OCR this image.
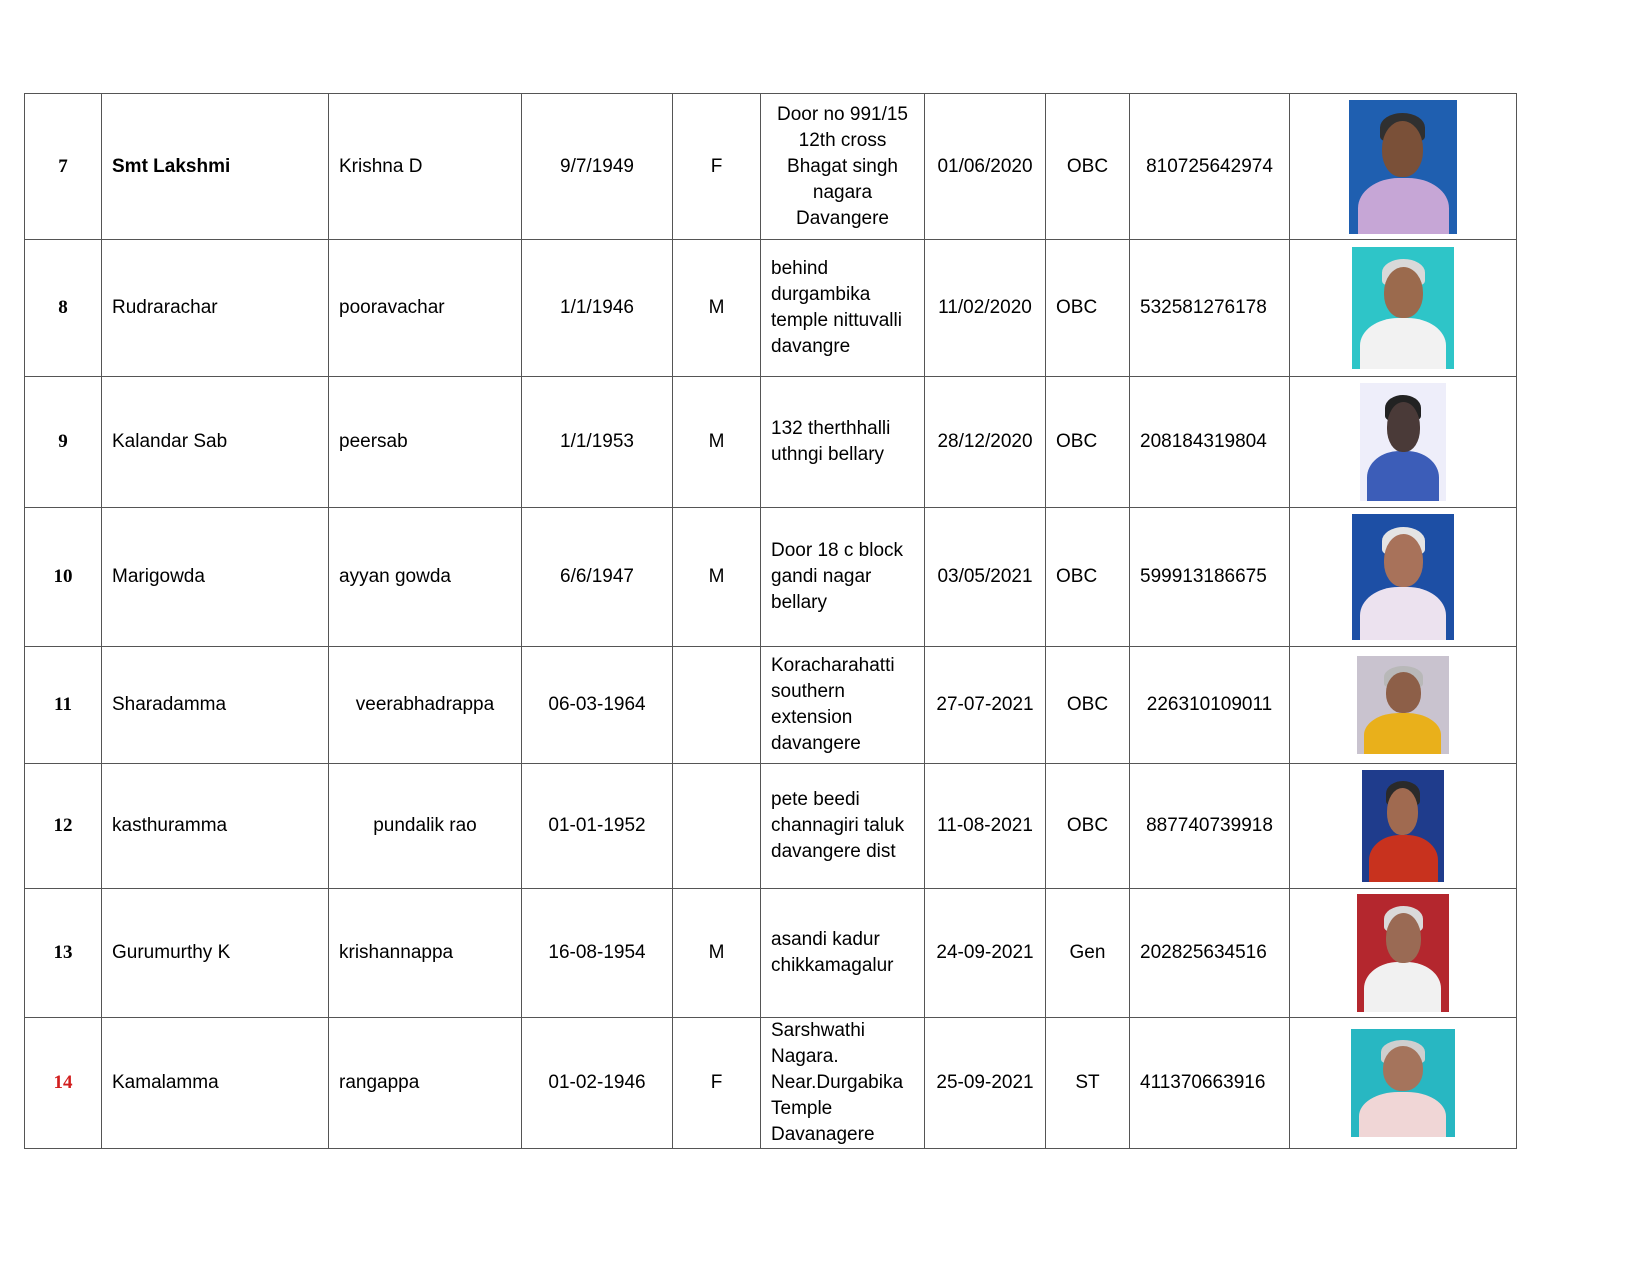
7	Smt Lakshmi	Krishna D	9/7/1949	F	Door no 991/15
12th cross
Bhagat singh
nagara
Davangere	01/06/2020	OBC	810725642974	

8	Rudrarachar	pooravachar	1/1/1946	M	behind
durgambika
temple nittuvalli
davangre	11/02/2020	OBC	532581276178	

9	Kalandar Sab	peersab	1/1/1953	M	132 therthhalli
uthngi bellary	28/12/2020	OBC	208184319804	

10	Marigowda	ayyan gowda	6/6/1947	M	Door 18 c block
gandi nagar
bellary	03/05/2021	OBC	599913186675	

11	Sharadamma	veerabhadrappa	06-03-1964		Koracharahatti
southern
extension
davangere	27-07-2021	OBC	226310109011	

12	kasthuramma	pundalik rao	01-01-1952		pete beedi
channagiri taluk
davangere dist	11-08-2021	OBC	887740739918	

13	Gurumurthy K	krishannappa	16-08-1954	M	asandi kadur
chikkamagalur	24-09-2021	Gen	202825634516	

14	Kamalamma	rangappa	01-02-1946	F	Sarshwathi
Nagara.
Near.Durgabika
Temple
Davanagere	25-09-2021	ST	411370663916	
